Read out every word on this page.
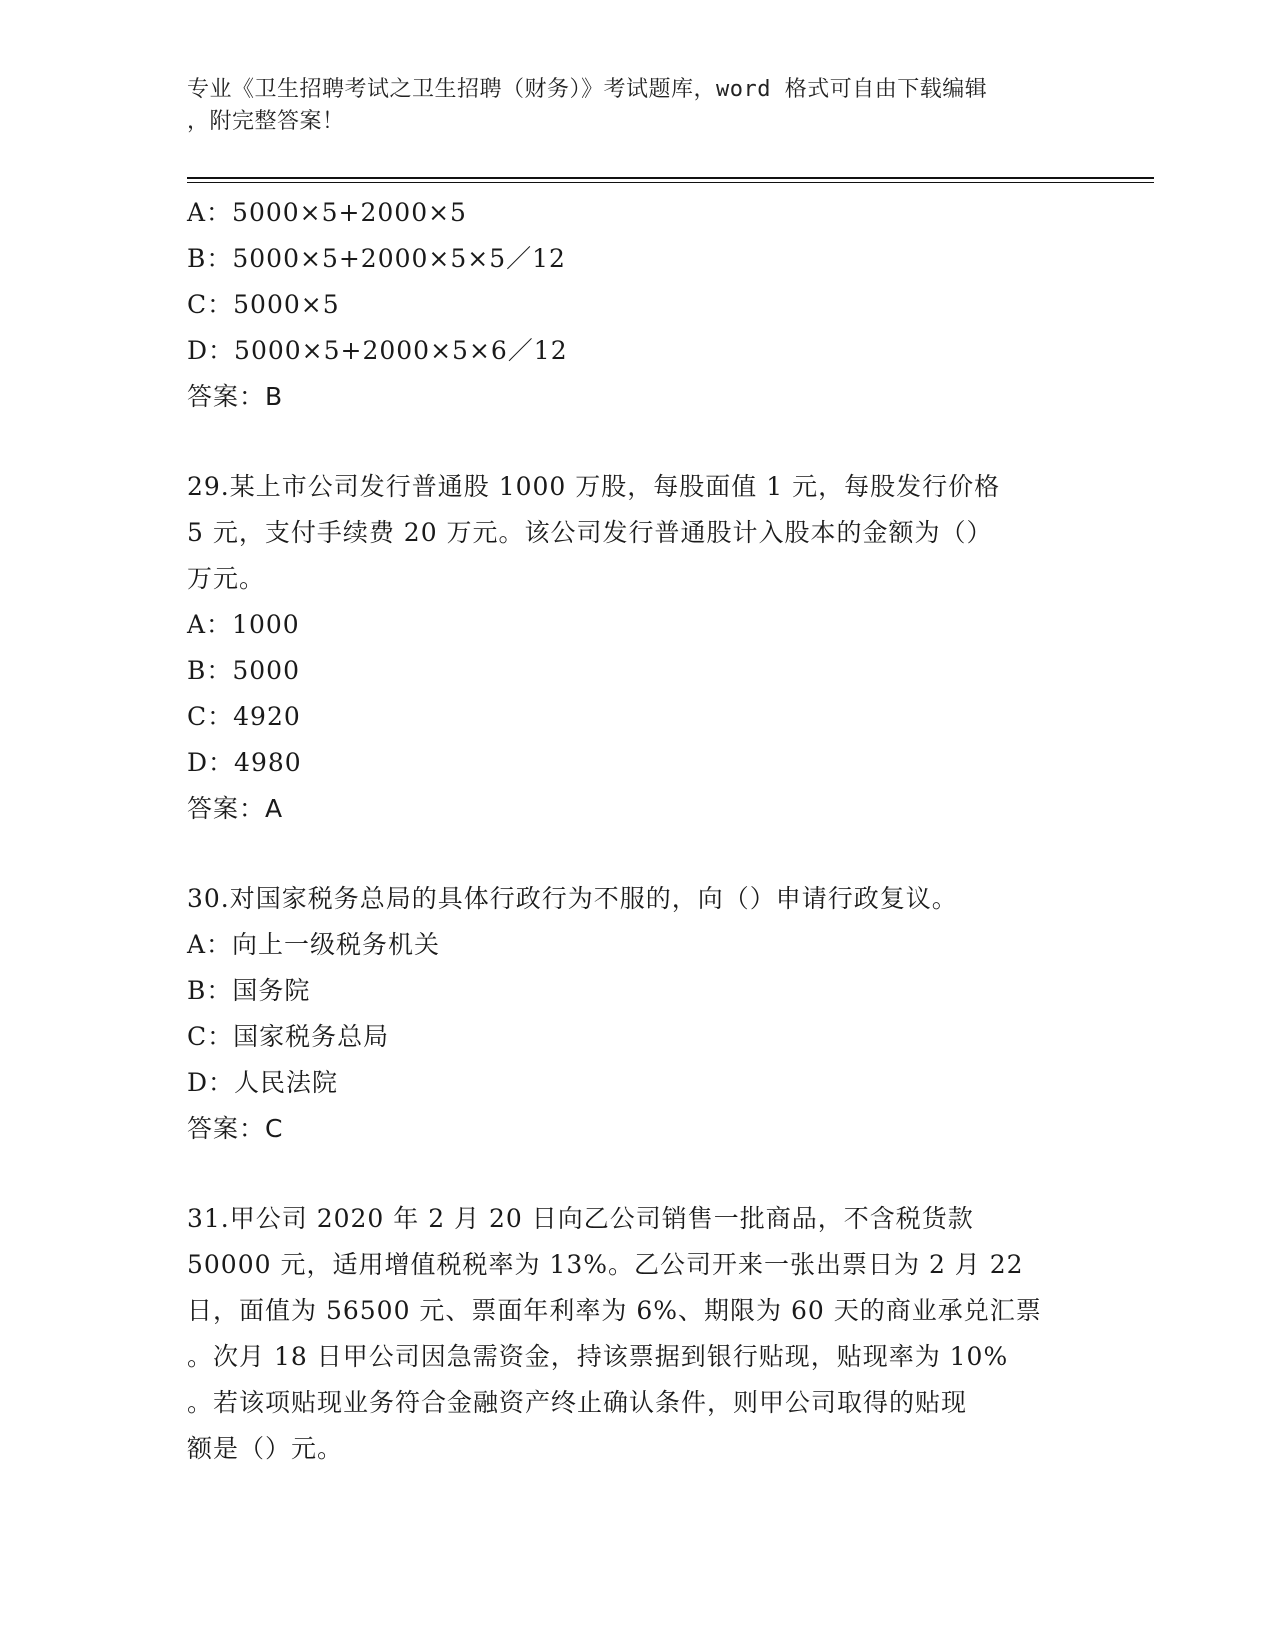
专业《卫生招聘考试之卫生招聘（财务）》考试题库，word 格式可自由下载编辑
，附完整答案！
A：5000×5+2000×5
B：5000×5+2000×5×5／12
C：5000×5
D：5000×5+2000×5×6／12
答案：B
29.某上市公司发行普通股 1000 万股，每股面值 1 元，每股发行价格
5 元，支付手续费 20 万元。该公司发行普通股计入股本的金额为（）
万元。
A：1000
B：5000
C：4920
D：4980
答案：A
30.对国家税务总局的具体行政行为不服的，向（）申请行政复议。
A：向上一级税务机关
B：国务院
C：国家税务总局
D：人民法院
答案：C
31.甲公司 2020 年 2 月 20 日向乙公司销售一批商品，不含税货款
50000 元，适用增值税税率为 13%。乙公司开来一张出票日为 2 月 22
日，面值为 56500 元、票面年利率为 6%、期限为 60 天的商业承兑汇票
。次月 18 日甲公司因急需资金，持该票据到银行贴现，贴现率为 10%
。若该项贴现业务符合金融资产终止确认条件，则甲公司取得的贴现
额是（）元。
